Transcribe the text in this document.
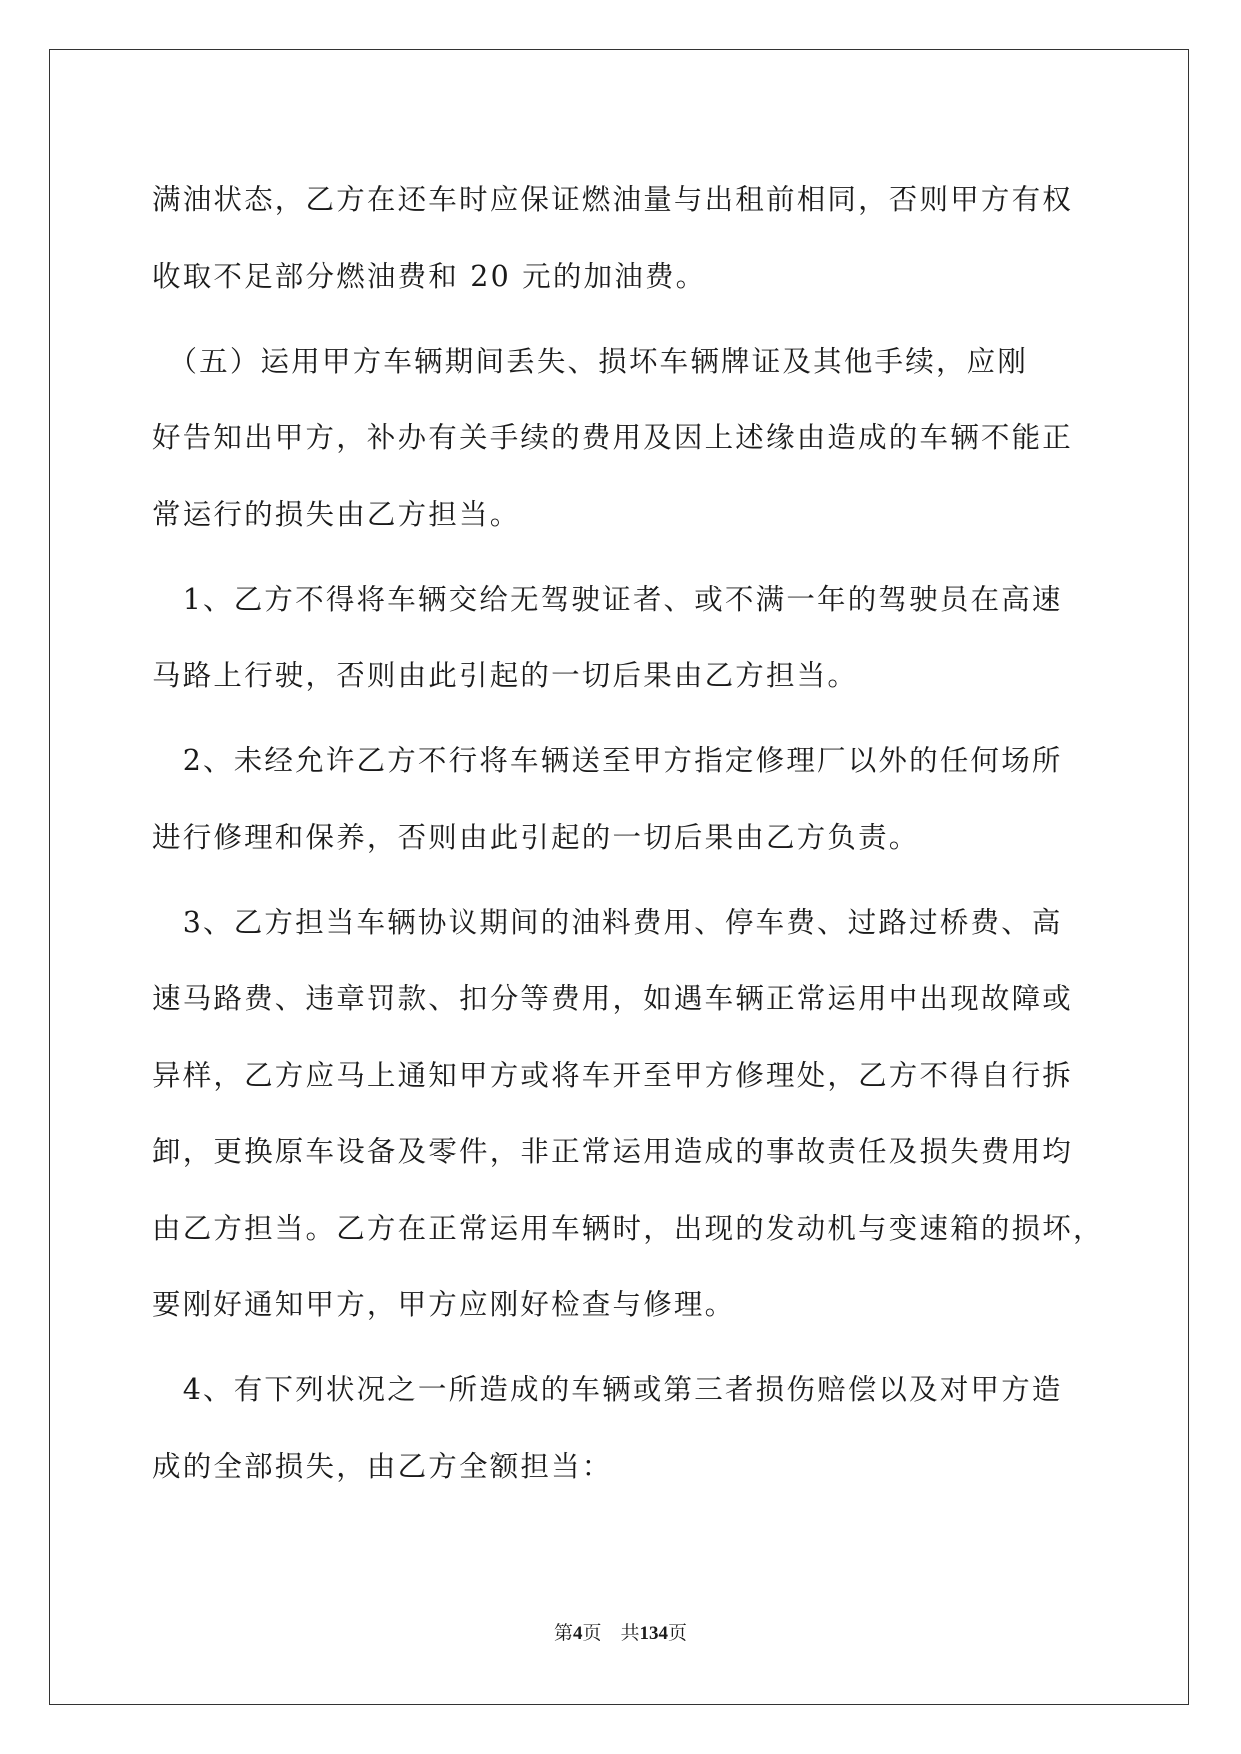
满油状态，乙方在还车时应保证燃油量与出租前相同，否则甲方有权
收取不足部分燃油费和 20 元的加油费。
　（五）运用甲方车辆期间丢失、损坏车辆牌证及其他手续，应刚
好告知出甲方，补办有关手续的费用及因上述缘由造成的车辆不能正
常运行的损失由乙方担当。
　1、乙方不得将车辆交给无驾驶证者、或不满一年的驾驶员在高速
马路上行驶，否则由此引起的一切后果由乙方担当。
　2、未经允许乙方不行将车辆送至甲方指定修理厂以外的任何场所
进行修理和保养，否则由此引起的一切后果由乙方负责。
　3、乙方担当车辆协议期间的油料费用、停车费、过路过桥费、高
速马路费、违章罚款、扣分等费用，如遇车辆正常运用中出现故障或
异样，乙方应马上通知甲方或将车开至甲方修理处，乙方不得自行拆
卸，更换原车设备及零件，非正常运用造成的事故责任及损失费用均
由乙方担当。乙方在正常运用车辆时，出现的发动机与变速箱的损坏，
要刚好通知甲方，甲方应刚好检查与修理。
　4、有下列状况之一所造成的车辆或第三者损伤赔偿以及对甲方造
成的全部损失，由乙方全额担当：
第4页 共134页
